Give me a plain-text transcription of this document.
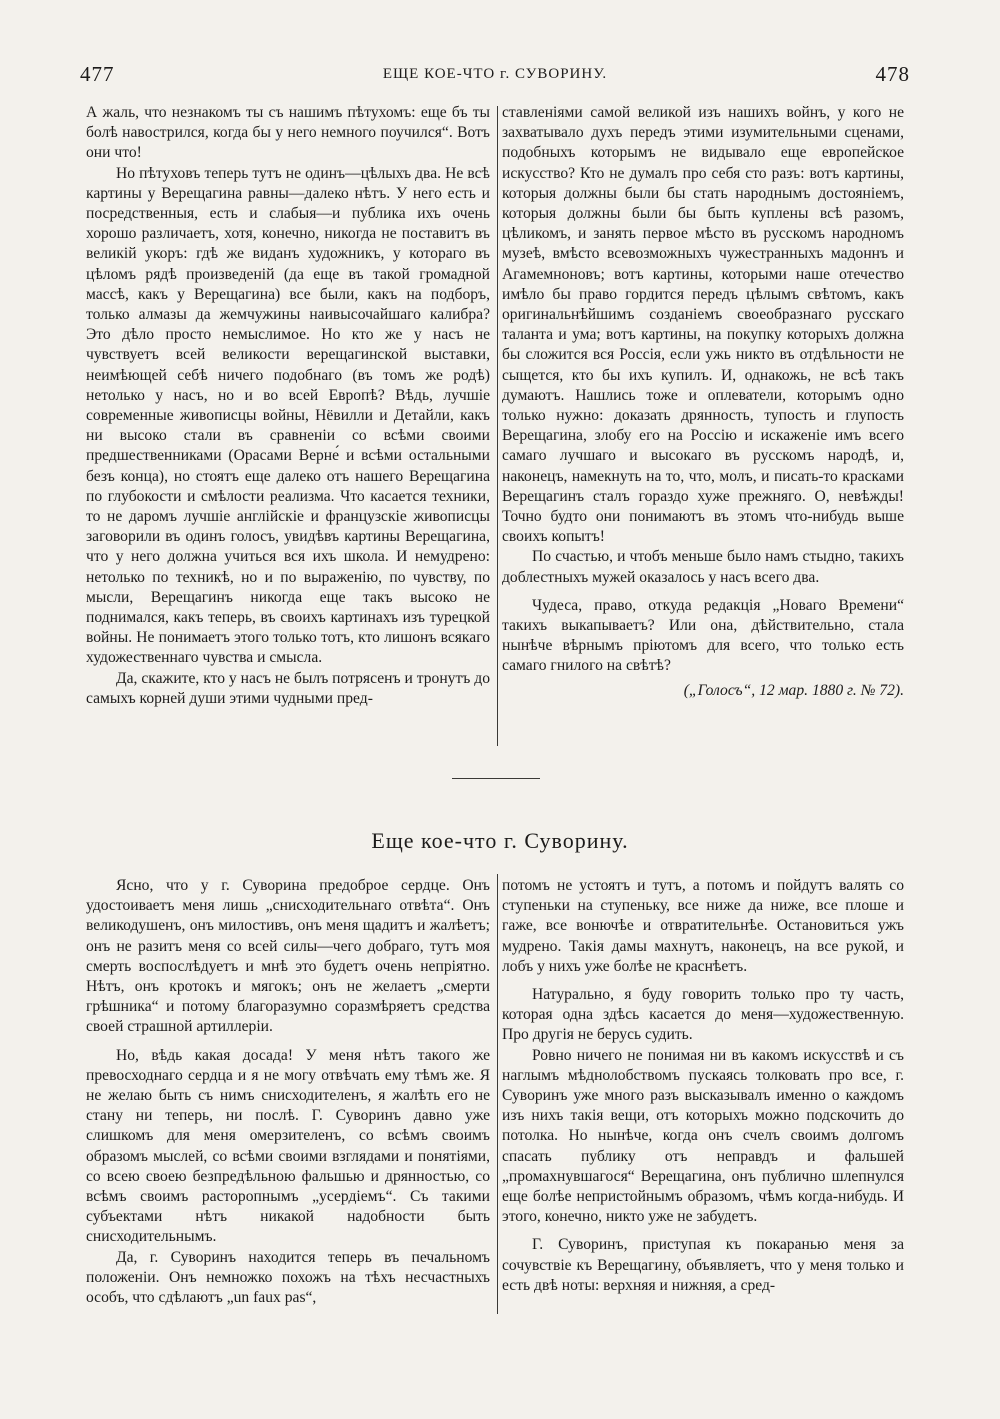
477	ЕЩЕ КОЕ-ЧТО г. СУВОРИНУ.	478

А жаль, что незнакомъ ты съ нашимъ пѣтухомъ: еще бъ ты болѣ навострился, когда бы у него немного поучился“. Вотъ они что!

Но пѣтуховъ теперь тутъ не одинъ—цѣлыхъ два. Не всѣ картины у Верещагина равны—далеко нѣтъ. У него есть и посредственныя, есть и слабыя—и публика ихъ очень хорошо различаетъ, хотя, конечно, никогда не поставитъ въ великій укоръ: гдѣ же виданъ художникъ, у котораго въ цѣломъ рядѣ произведеній (да еще въ такой громадной массѣ, какъ у Верещагина) все были, какъ на подборъ, только алмазы да жемчужины наивысочайшаго калибра? Это дѣло просто немыслимое. Но кто же у насъ не чувствуетъ всей великости верещагинской выставки, неимѣющей себѣ ничего подобнаго (въ томъ же родѣ) нетолько у насъ, но и во всей Европѣ? Вѣдь, лучшіе современные живописцы войны, Нёвилли и Детайли, какъ ни высоко стали въ сравненіи со всѣми своими предшественниками (Орасами Верне́ и всѣми остальными безъ конца), но стоятъ еще далеко отъ нашего Верещагина по глубокости и смѣлости реализма. Что касается техники, то не даромъ лучшіе англійскіе и французскіе живописцы заговорили въ одинъ голосъ, увидѣвъ картины Верещагина, что у него должна учиться вся ихъ школа. И немудрено: нетолько по техникѣ, но и по выраженію, по чувству, по мысли, Верещагинъ никогда еще такъ высоко не поднимался, какъ теперь, въ своихъ картинахъ изъ турецкой войны. Не понимаетъ этого только тотъ, кто лишонъ всякаго художественнаго чувства и смысла.

Да, скажите, кто у насъ не былъ потрясенъ и тронутъ до самыхъ корней души этими чудными пред-

ставленіями самой великой изъ нашихъ войнъ, у кого не захватывало духъ передъ этими изумительными сценами, подобныхъ которымъ не видывало еще европейское искусство? Кто не думалъ про себя сто разъ: вотъ картины, которыя должны были бы стать народнымъ достояніемъ, которыя должны были бы быть куплены всѣ разомъ, цѣликомъ, и занять первое мѣсто въ русскомъ народномъ музеѣ, вмѣсто всевозможныхъ чужестранныхъ мадоннъ и Агамемноновъ; вотъ картины, которыми наше отечество имѣло бы право гордится передъ цѣлымъ свѣтомъ, какъ оригинальнѣйшимъ созданіемъ своеобразнаго русскаго таланта и ума; вотъ картины, на покупку которыхъ должна бы сложится вся Россія, если ужь никто въ отдѣльности не сыщется, кто бы ихъ купилъ. И, однакожь, не всѣ такъ думаютъ. Нашлись тоже и оплеватели, которымъ одно только нужно: доказать дрянность, тупость и глупость Верещагина, злобу его на Россію и искаженіе имъ всего самаго лучшаго и высокаго въ русскомъ народѣ, и, наконецъ, намекнуть на то, что, молъ, и писать-то красками Верещагинъ сталъ гораздо хуже прежняго. О, невѣжды! Точно будто они понимаютъ въ этомъ что-нибудь выше своихъ копытъ!

По счастью, и чтобъ меньше было намъ стыдно, такихъ доблестныхъ мужей оказалось у насъ всего два.

Чудеса, право, откуда редакція „Новаго Времени“ такихъ выкапываетъ? Или она, дѣйствительно, стала нынѣче вѣрнымъ пріютомъ для всего, что только есть самаго гнилого на свѣтѣ?

(„Голосъ“, 12 мар. 1880 г. № 72).

Еще кое-что г. Суворину.

Ясно, что у г. Суворина предоброе сердце. Онъ удостоиваетъ меня лишь „снисходительнаго отвѣта“. Онъ великодушенъ, онъ милостивъ, онъ меня щадитъ и жалѣетъ; онъ не разитъ меня со всей силы—чего добраго, тутъ моя смерть воспослѣдуетъ и мнѣ это будетъ очень непріятно. Нѣтъ, онъ кротокъ и мягокъ; онъ не желаетъ „смерти грѣшника“ и потому благоразумно соразмѣряетъ средства своей страшной артиллеріи.

Но, вѣдь какая досада! У меня нѣтъ такого же превосходнаго сердца и я не могу отвѣчать ему тѣмъ же. Я не желаю быть съ нимъ снисходителенъ, я жалѣть его не стану ни теперь, ни послѣ. Г. Суворинъ давно уже слишкомъ для меня омерзителенъ, со всѣмъ своимъ образомъ мыслей, со всѣми своими взглядами и понятіями, со всею своею безпредѣльною фальшью и дрянностью, со всѣмъ своимъ расторопнымъ „усердіемъ“. Съ такими субъектами нѣтъ никакой надобности быть снисходительнымъ.

Да, г. Суворинъ находится теперь въ печальномъ положеніи. Онъ немножко похожъ на тѣхъ несчастныхъ особъ, что сдѣлаютъ „un faux pas“,

потомъ не устоятъ и тутъ, а потомъ и пойдутъ валять со ступеньки на ступеньку, все ниже да ниже, все плоше и гаже, все вонючѣе и отвратительнѣе. Остановиться ужъ мудрено. Такія дамы махнутъ, наконецъ, на все рукой, и лобъ у нихъ уже болѣе не краснѣетъ.

Натурально, я буду говорить только про ту часть, которая одна здѣсь касается до меня—художественную. Про другія не берусь судить.

Ровно ничего не понимая ни въ какомъ искусствѣ и съ наглымъ мѣднолобствомъ пускаясь толковать про все, г. Суворинъ уже много разъ высказывалъ именно о каждомъ изъ нихъ такія вещи, отъ которыхъ можно подскочить до потолка. Но нынѣче, когда онъ счелъ своимъ долгомъ спасать публику отъ неправдъ и фальшей „промахнувшагося“ Верещагина, онъ публично шлепнулся еще болѣе непристойнымъ образомъ, чѣмъ когда-нибудь. И этого, конечно, никто уже не забудетъ.

Г. Суворинъ, приступая къ покаранью меня за сочувствіе къ Верещагину, объявляетъ, что у меня только и есть двѣ ноты: верхняя и нижняя, а сред-
